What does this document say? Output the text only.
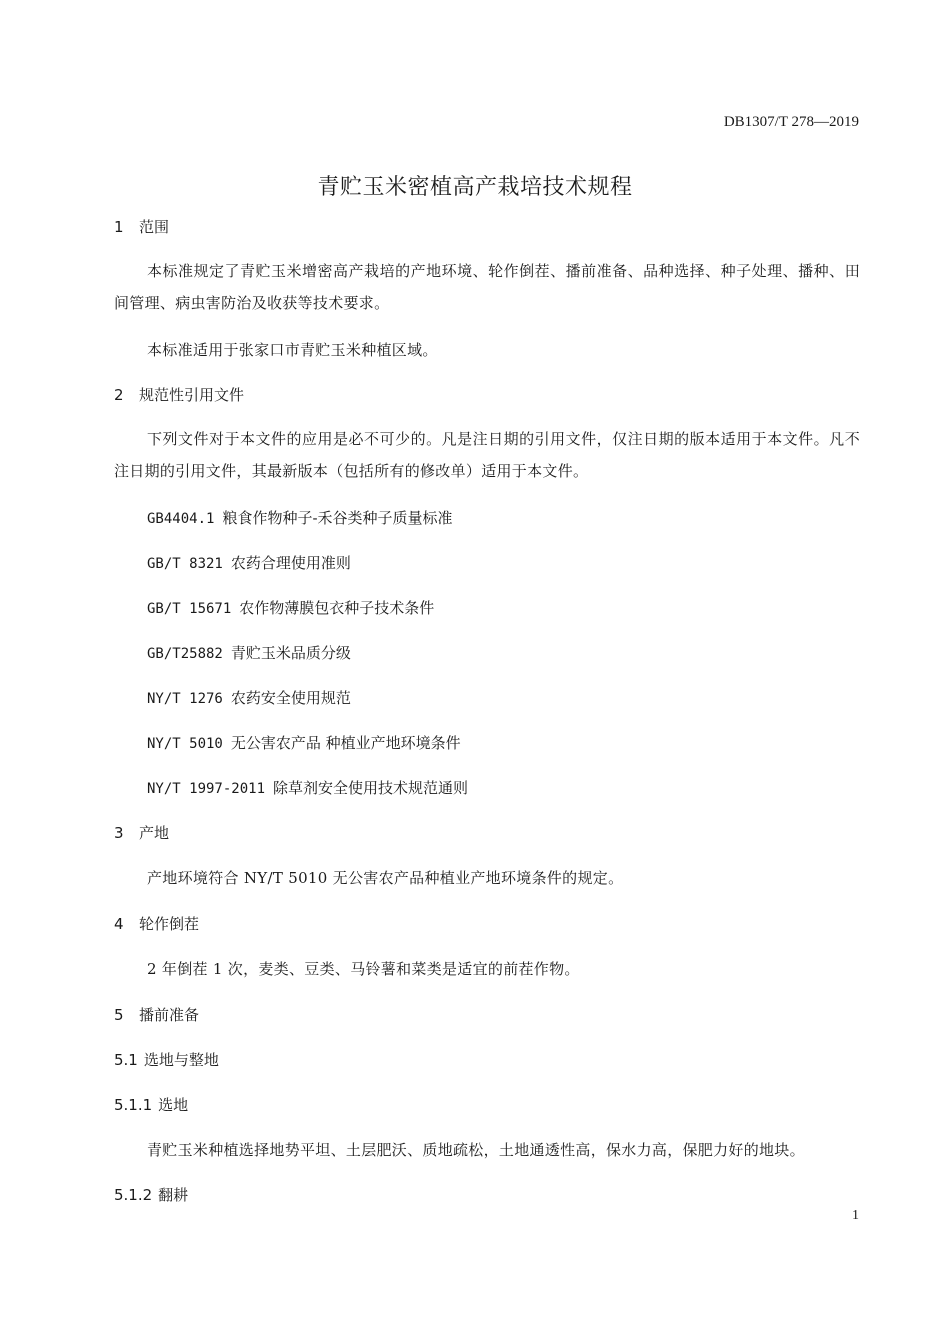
DB1307/T 278—2019
青贮玉米密植高产栽培技术规程
1 范围
本标准规定了青贮玉米增密高产栽培的产地环境、轮作倒茬、播前准备、品种选择、种子处理、播种、田间管理、病虫害防治及收获等技术要求。
本标准适用于张家口市青贮玉米种植区域。
2 规范性引用文件
下列文件对于本文件的应用是必不可少的。凡是注日期的引用文件，仅注日期的版本适用于本文件。凡不注日期的引用文件，其最新版本（包括所有的修改单）适用于本文件。
GB4404.1 粮食作物种子-禾谷类种子质量标准
GB/T 8321 农药合理使用准则
GB/T 15671 农作物薄膜包衣种子技术条件
GB/T25882 青贮玉米品质分级
NY/T 1276 农药安全使用规范
NY/T 5010 无公害农产品 种植业产地环境条件
NY/T 1997-2011 除草剂安全使用技术规范通则
3 产地
产地环境符合 NY/T 5010 无公害农产品种植业产地环境条件的规定。
4 轮作倒茬
2 年倒茬 1 次，麦类、豆类、马铃薯和菜类是适宜的前茬作物。
5 播前准备
5.1 选地与整地
5.1.1 选地
青贮玉米种植选择地势平坦、土层肥沃、质地疏松，土地通透性高，保水力高，保肥力好的地块。
5.1.2 翻耕
1
